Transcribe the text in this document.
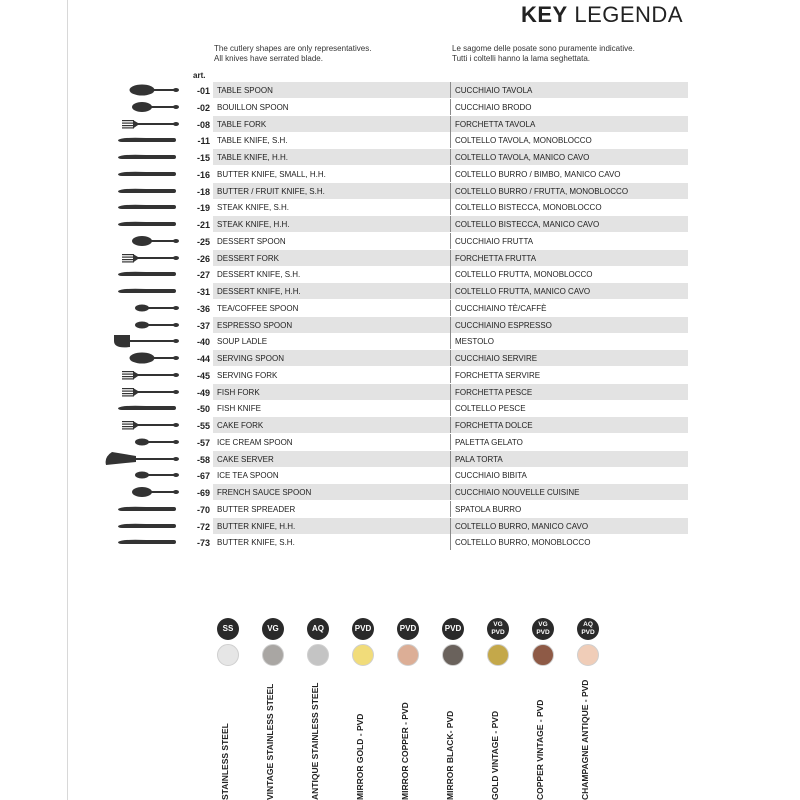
KEY LEGENDA
The cutlery shapes are only representatives.
All knives have serrated blade.
Le sagome delle posate sono puramente indicative.
Tutti i coltelli hanno la lama seghettata.
art.
-01 TABLE SPOON	CUCCHIAIO TAVOLA
-02 BOUILLON SPOON	CUCCHIAIO BRODO
-08 TABLE FORK	FORCHETTA TAVOLA
-11 TABLE KNIFE, S.H.	COLTELLO TAVOLA, MONOBLOCCO
-15 TABLE KNIFE, H.H.	COLTELLO TAVOLA, MANICO CAVO
-16 BUTTER KNIFE, SMALL, H.H.	COLTELLO BURRO / BIMBO, MANICO CAVO
-18 BUTTER / FRUIT KNIFE, S.H.	COLTELLO BURRO / FRUTTA, MONOBLOCCO
-19 STEAK KNIFE, S.H.	COLTELLO BISTECCA, MONOBLOCCO
-21 STEAK KNIFE, H.H.	COLTELLO BISTECCA, MANICO CAVO
-25 DESSERT SPOON	CUCCHIAIO FRUTTA
-26 DESSERT FORK	FORCHETTA FRUTTA
-27 DESSERT KNIFE, S.H.	COLTELLO FRUTTA, MONOBLOCCO
-31 DESSERT KNIFE, H.H.	COLTELLO FRUTTA, MANICO CAVO
-36 TEA/COFFEE SPOON	CUCCHIAINO TÈ/CAFFÈ
-37 ESPRESSO SPOON	CUCCHIAINO ESPRESSO
-40 SOUP LADLE	MESTOLO
-44 SERVING SPOON	CUCCHIAIO SERVIRE
-45 SERVING FORK	FORCHETTA SERVIRE
-49 FISH FORK	FORCHETTA PESCE
-50 FISH KNIFE	COLTELLO PESCE
-55 CAKE FORK	FORCHETTA DOLCE
-57 ICE CREAM SPOON	PALETTA GELATO
-58 CAKE SERVER	PALA TORTA
-67 ICE TEA SPOON	CUCCHIAIO BIBITA
-69 FRENCH SAUCE SPOON	CUCCHIAIO NOUVELLE CUISINE
-70 BUTTER SPREADER	SPATOLA BURRO
-72 BUTTER KNIFE, H.H.	COLTELLO BURRO, MANICO CAVO
-73 BUTTER KNIFE, S.H.	COLTELLO BURRO, MONOBLOCCO
SS
STAINLESS STEEL
VG
VINTAGE STAINLESS STEEL
AQ
ANTIQUE STAINLESS STEEL
PVD
MIRROR GOLD - PVD
PVD
MIRROR COPPER - PVD
PVD
MIRROR BLACK- PVD
VG
PVD
GOLD VINTAGE - PVD
VG
PVD
COPPER VINTAGE - PVD
AQ
PVD
CHAMPAGNE ANTIQUE - PVD
